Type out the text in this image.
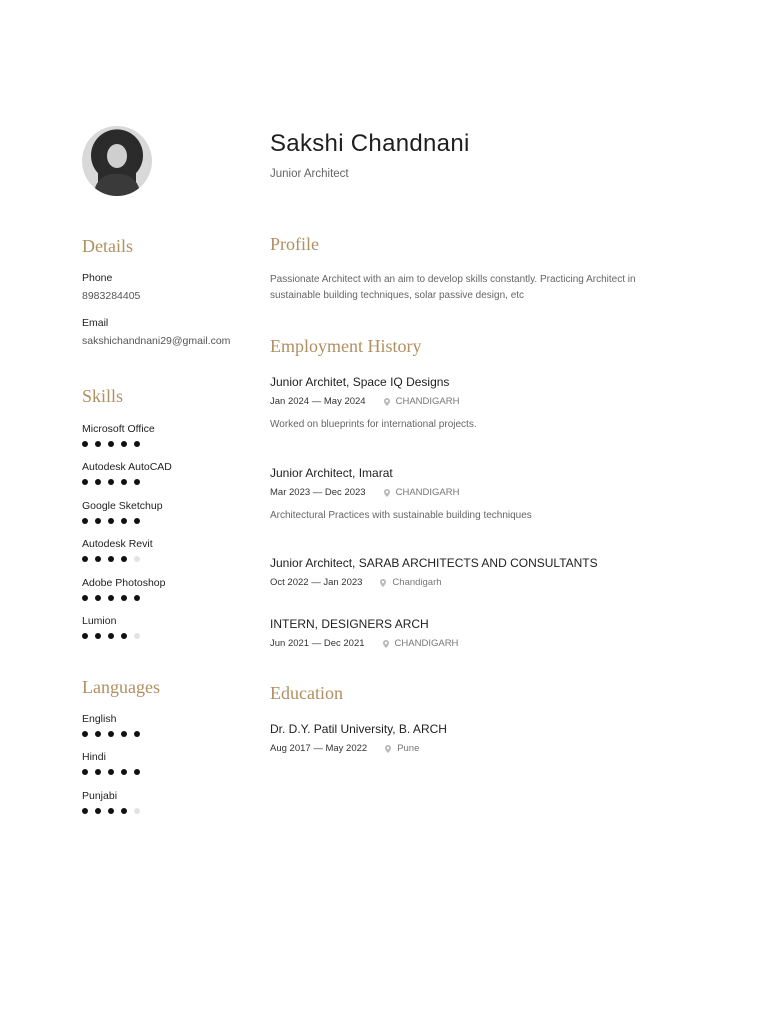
Details
Phone
8983284405
Email
sakshichandnani29@gmail.com
Skills
Microsoft Office
Autodesk AutoCAD
Google Sketchup
Autodesk Revit
Adobe Photoshop
Lumion
Languages
English
Hindi
Punjabi
Sakshi Chandnani
Junior Architect
Profile
Passionate Architect with an aim to develop skills constantly. Practicing Architect in sustainable building techniques, solar passive design, etc
Employment History
Junior Architet, Space IQ Designs
Jan 2024 — May 2024	CHANDIGARH
Worked on blueprints for international projects.
Junior Architect, Imarat
Mar 2023 — Dec 2023	CHANDIGARH
Architectural Practices with sustainable building techniques
Junior Architect, SARAB ARCHITECTS AND CONSULTANTS
Oct 2022 — Jan 2023	Chandigarh
INTERN, DESIGNERS ARCH
Jun 2021 — Dec 2021	CHANDIGARH
Education
Dr. D.Y. Patil University, B. ARCH
Aug 2017 — May 2022	Pune
